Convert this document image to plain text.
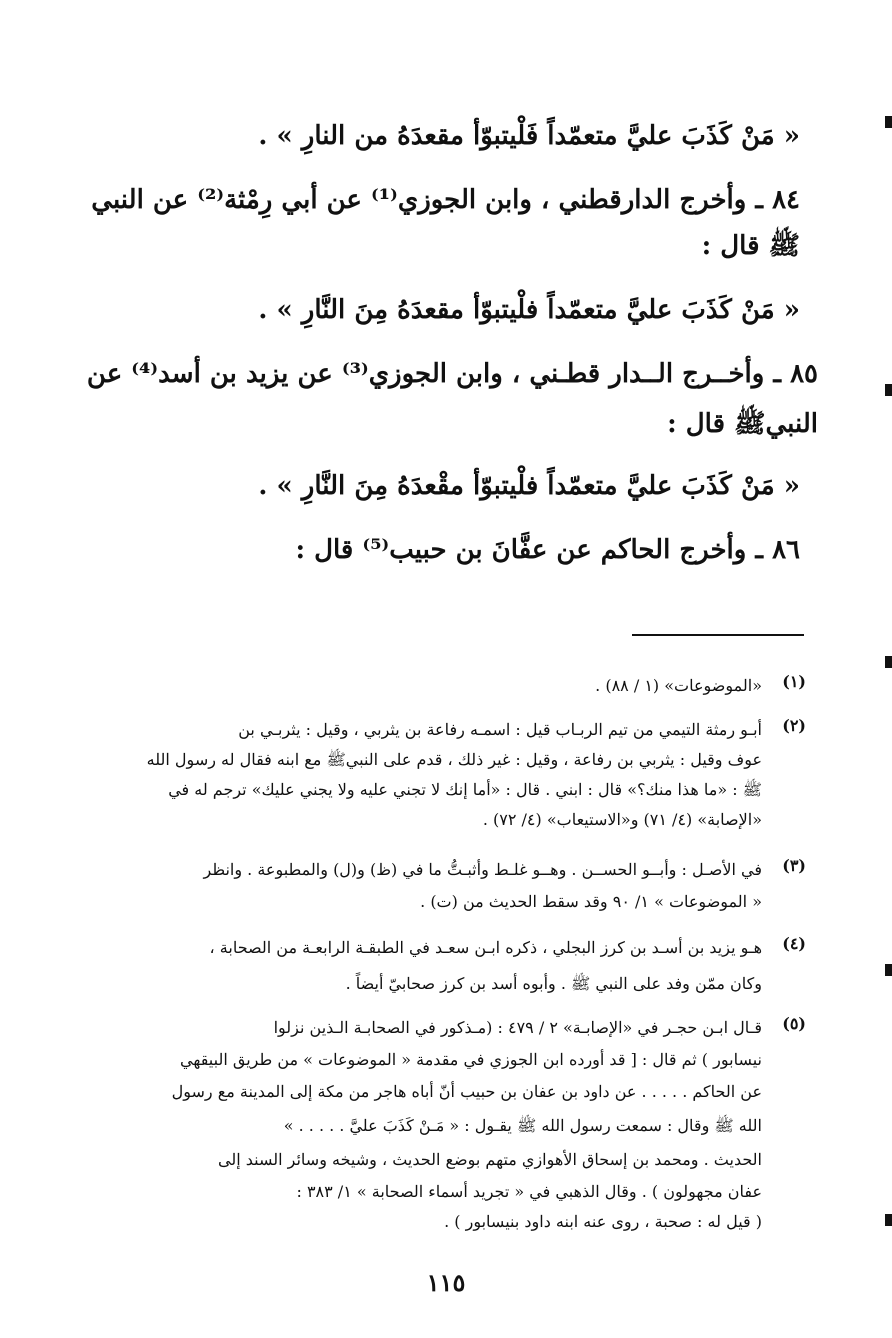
« مَنْ كَذَبَ عليَّ متعمّداً فَلْيتبوّأ مقعدَهُ من النارِ » .
٨٤ ـ وأخرج الدارقطني ، وابن الجوزي⁽¹⁾ عن أبي رِمْثة⁽²⁾ عن النبي
ﷺ قال :
« مَنْ كَذَبَ عليَّ متعمّداً فلْيتبوّأ مقعدَهُ مِنَ النَّارِ » .
٨٥ ـ وأخــرج الــدار قطـني ، وابن الجوزي⁽³⁾ عن يزيد بن أسد⁽⁴⁾ عن
النبيﷺ قال :
« مَنْ كَذَبَ عليَّ متعمّداً فلْيتبوّأ مقْعدَهُ مِنَ النَّارِ » .
٨٦ ـ وأخرج الحاكم عن عفَّانَ بن حبيب⁽⁵⁾ قال :
(١)
«الموضوعات» (١ / ٨٨) .
(٢)
أبـو رمثة التيمي من تيم الربـاب قيل : اسمـه رفاعة بن يثربي ، وقيل : يثربـي بن
عوف وقيل : يثربي بن رفاعة ، وقيل : غير ذلك ، قدم على النبيﷺ مع ابنه فقال له رسول الله
ﷺ : «ما هذا منك؟» قال : ابني . قال : «أما إنك لا تجني عليه ولا يجني عليك» ترجم له في
«الإصابة» (٤/ ٧١) و«الاستيعاب» (٤/ ٧٢) .
(٣)
في الأصـل : وأبــو الحســن . وهــو غلـط وأثبـتُّ ما في (ظ) و(ل) والمطبوعة . وانظر
« الموضوعات » ١/ ٩٠ وقد سقط الحديث من (ت) .
(٤)
هـو يزيد بن أسـد بن كرز البجلي ، ذكره ابـن سعـد في الطبقـة الرابعـة من الصحابة ،
وكان ممّن وفد على النبي ﷺ . وأبوه أسد بن كرز صحابيّ أيضاً .
(٥)
قـال ابـن حجـر في «الإصابـة» ٢ / ٤٧٩ : (مـذكور في الصحابـة الـذين نزلوا
نيسابور ) ثم قال : [ قد أورده ابن الجوزي في مقدمة « الموضوعات » من طريق البيقهي
عن الحاكم . . . . . عن داود بن عفان بن حبيب أنّ أباه هاجر من مكة إلى المدينة مع رسول
الله ﷺ وقال : سمعت رسول الله ﷺ يقـول : « مَـنْ كَذَبَ عليَّ . . . . . »
الحديث . ومحمد بن إسحاق الأهوازي متهم بوضع الحديث ، وشيخه وسائر السند إلى
عفان مجهولون ) . وقال الذهبي في « تجريد أسماء الصحابة » ١/ ٣٨٣ :
( قيل له : صحبة ، روى عنه ابنه داود بنيسابور ) .
١١٥
